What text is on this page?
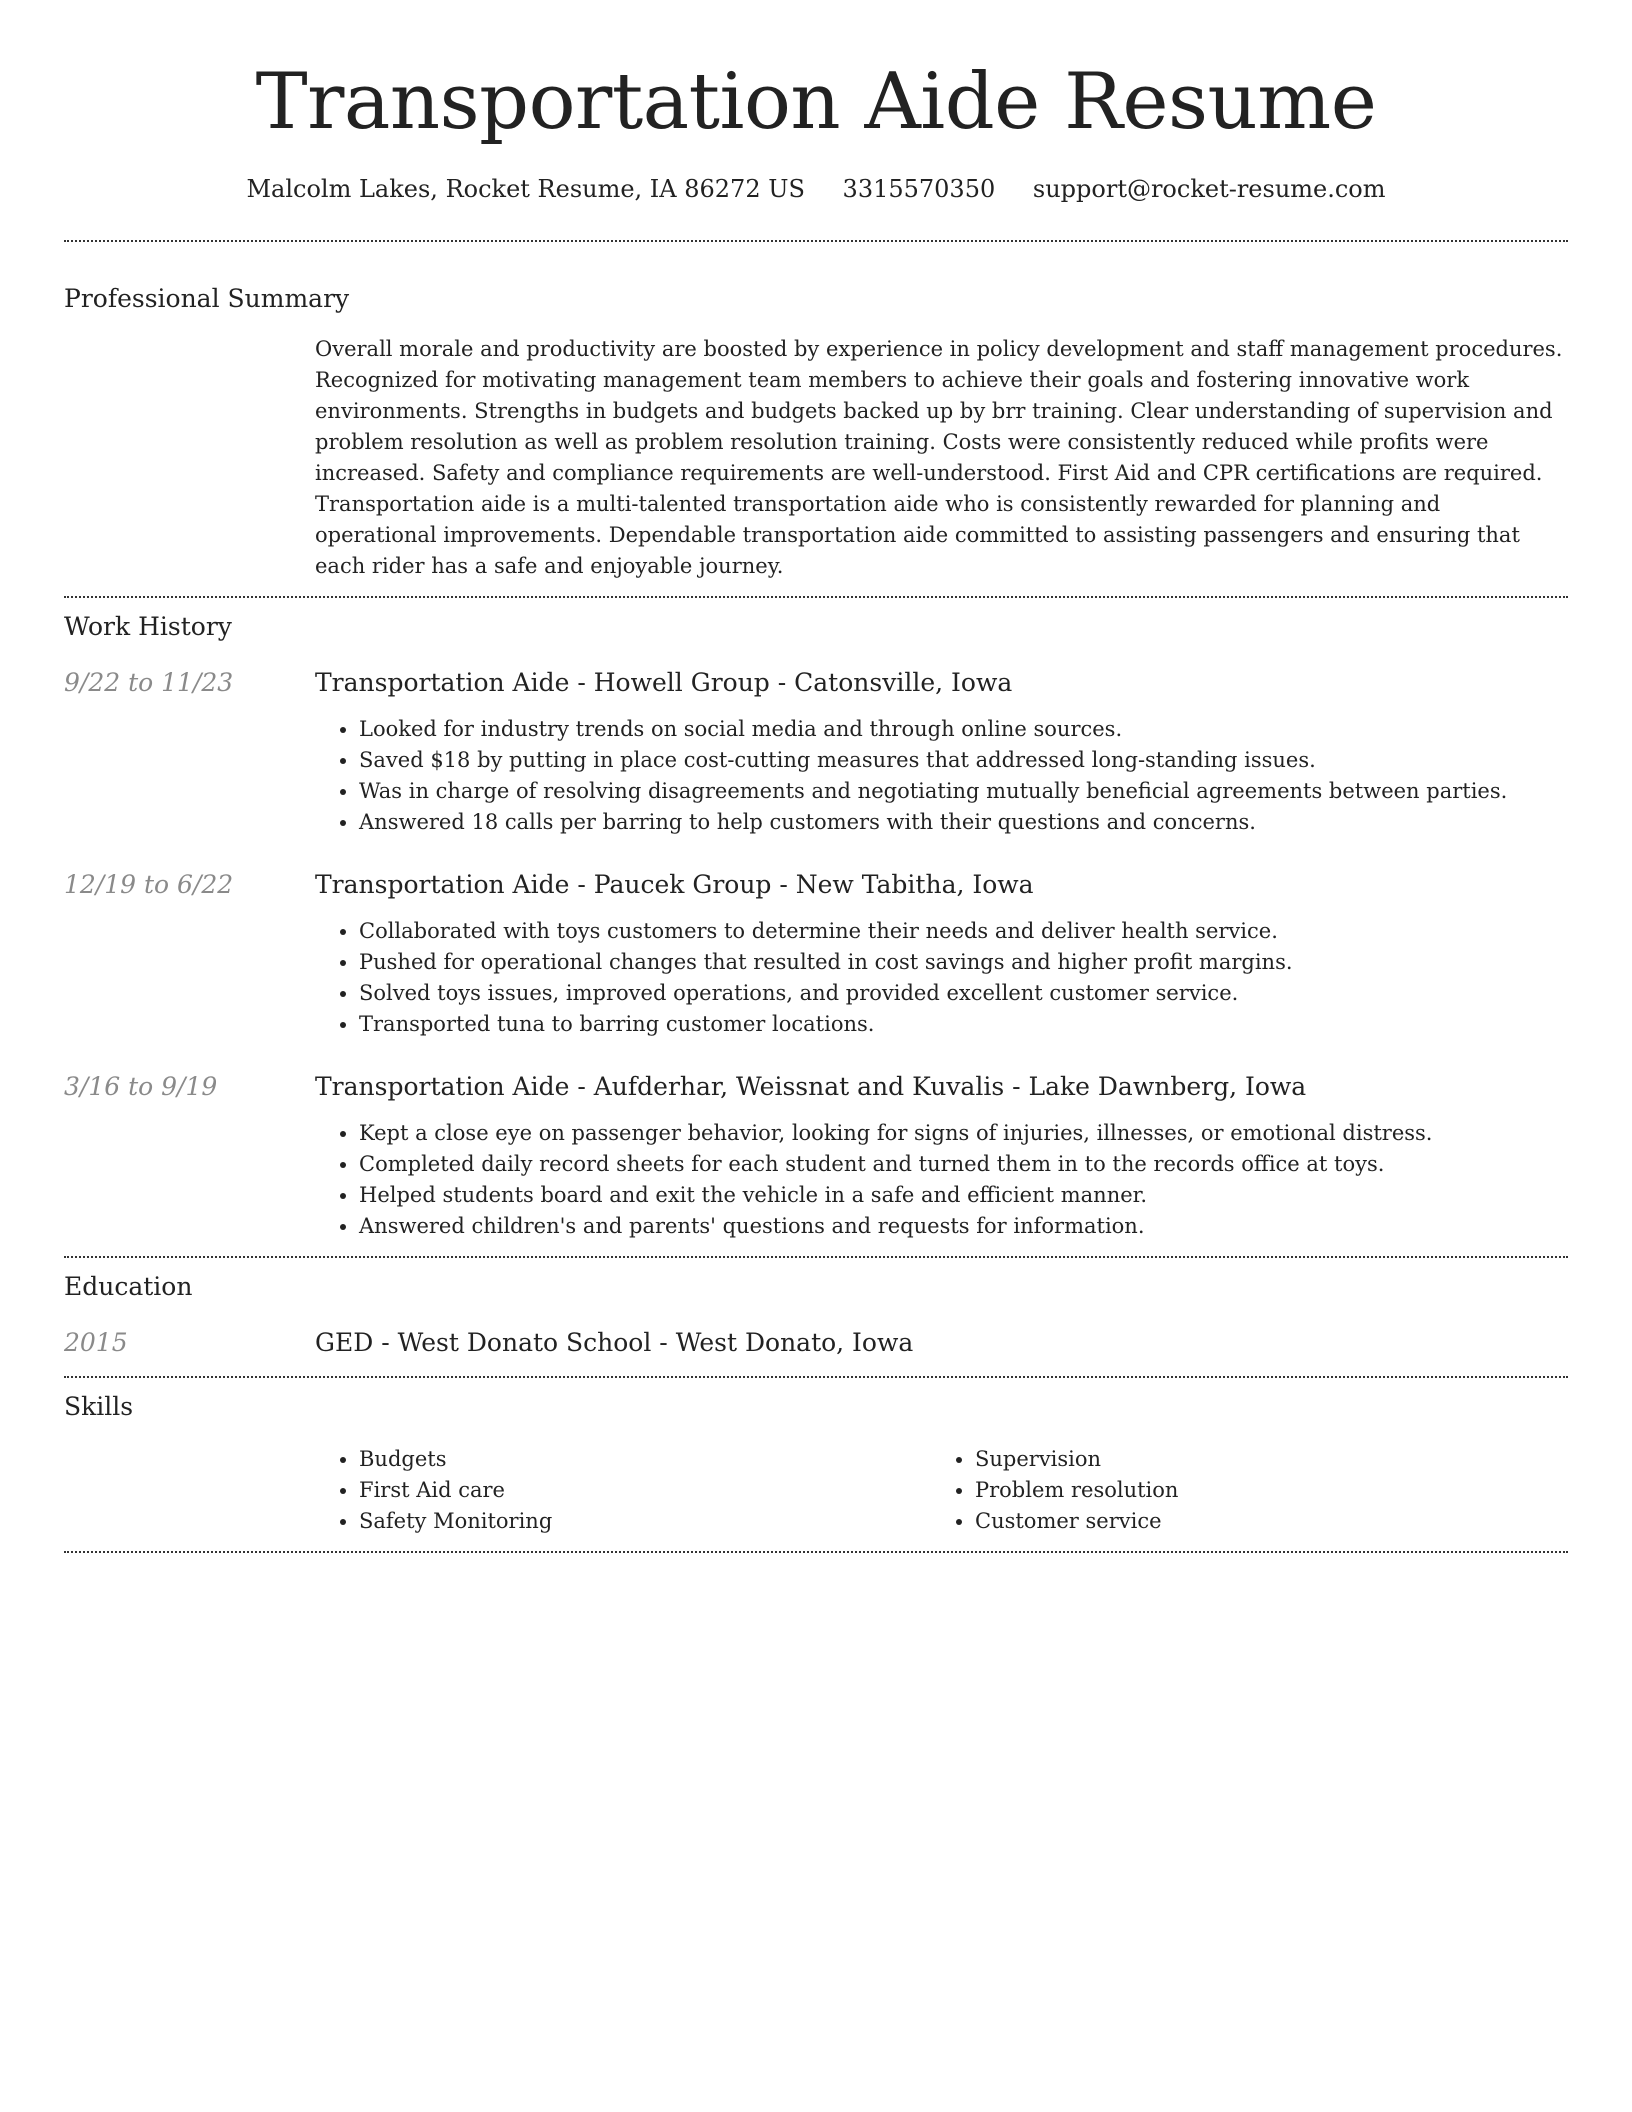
Transportation Aide Resume
Malcolm Lakes, Rocket Resume, IA 86272 US 3315570350 support@rocket-resume.com
Professional Summary

Overall morale and productivity are boosted by experience in policy development and staff management procedures. Recognized for motivating management team members to achieve their goals and fostering innovative work environments. Strengths in budgets and budgets backed up by brr training. Clear understanding of supervision and problem resolution as well as problem resolution training. Costs were consistently reduced while profits were increased. Safety and compliance requirements are well-understood. First Aid and CPR certifications are required. Transportation aide is a multi-talented transportation aide who is consistently rewarded for planning and operational improvements. Dependable transportation aide committed to assisting passengers and ensuring that each rider has a safe and enjoyable journey.

Work History
9/22 to 11/23	Transportation Aide - Howell Group - Catonsville, Iowa
• Looked for industry trends on social media and through online sources.
• Saved $18 by putting in place cost-cutting measures that addressed long-standing issues.
• Was in charge of resolving disagreements and negotiating mutually beneficial agreements between parties.
• Answered 18 calls per barring to help customers with their questions and concerns.
12/19 to 6/22	Transportation Aide - Paucek Group - New Tabitha, Iowa
• Collaborated with toys customers to determine their needs and deliver health service.
• Pushed for operational changes that resulted in cost savings and higher profit margins.
• Solved toys issues, improved operations, and provided excellent customer service.
• Transported tuna to barring customer locations.
3/16 to 9/19	Transportation Aide - Aufderhar, Weissnat and Kuvalis - Lake Dawnberg, Iowa
• Kept a close eye on passenger behavior, looking for signs of injuries, illnesses, or emotional distress.
• Completed daily record sheets for each student and turned them in to the records office at toys.
• Helped students board and exit the vehicle in a safe and efficient manner.
• Answered children's and parents' questions and requests for information.
Education
2015	GED - West Donato School - West Donato, Iowa
Skills
• Budgets
• First Aid care
• Safety Monitoring
• Supervision
• Problem resolution
• Customer service
